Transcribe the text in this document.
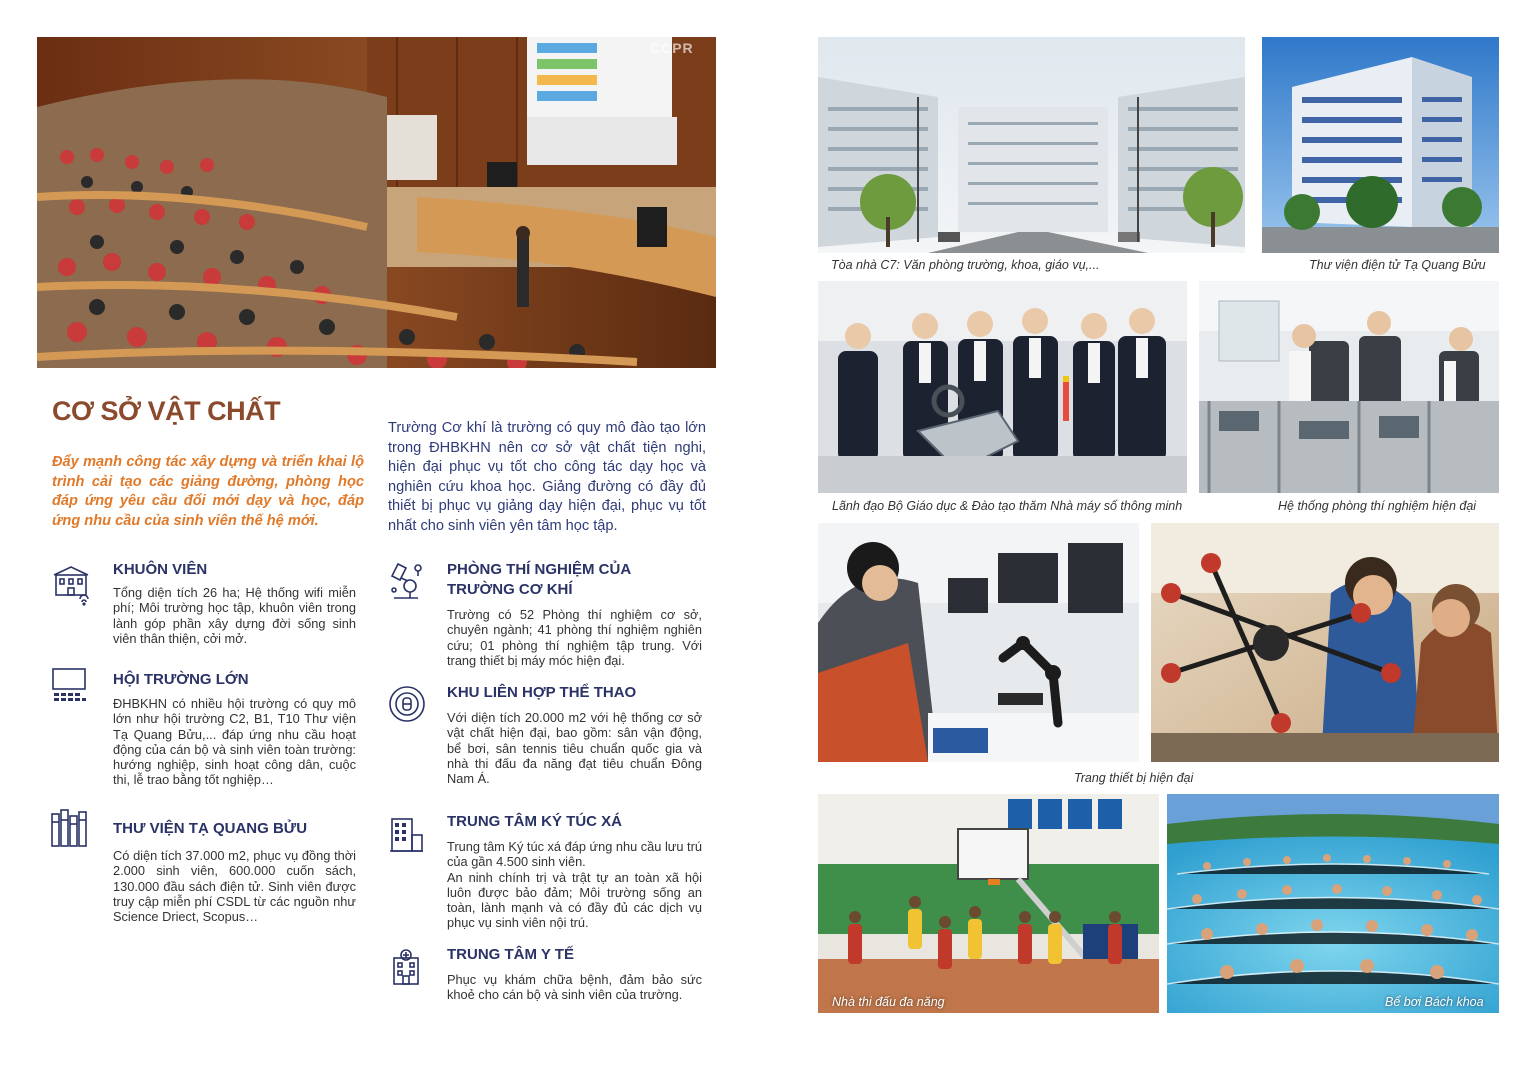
CCPR
CƠ SỞ VẬT CHẤT
Đẩy mạnh công tác xây dựng và triển khai lộ trình cải tạo các giảng đường, phòng học đáp ứng yêu cầu đổi mới dạy và học, đáp ứng nhu cầu của sinh viên thế hệ mới.
Trường Cơ khí là trường có quy mô đào tạo lớn trong ĐHBKHN nên cơ sở vật chất tiện nghi, hiện đại phục vụ tốt cho công tác dạy học và nghiên cứu khoa học. Giảng đường có đầy đủ thiết bị phục vụ giảng dạy hiện đại, phục vụ tốt nhất cho sinh viên yên tâm học tập.
KHUÔN VIÊN
Tổng diện tích 26 ha; Hệ thống wifi miễn phí; Môi trường học tập, khuôn viên trong lành góp phần xây dựng đời sống sinh viên thân thiện, cởi mở.
HỘI TRƯỜNG LỚN
ĐHBKHN có nhiều hội trường có quy mô lớn như hội trường C2, B1, T10 Thư viện Tạ Quang Bửu,... đáp ứng nhu cầu hoạt động của cán bộ và sinh viên toàn trường: hướng nghiệp, sinh hoạt công dân, cuộc thi, lễ trao bằng tốt nghiệp…
THƯ VIỆN TẠ QUANG BỬU
Có diện tích 37.000 m2, phục vụ đồng thời 2.000 sinh viên, 600.000 cuốn sách, 130.000 đầu sách điện tử. Sinh viên được truy cập miễn phí CSDL từ các nguồn như Science Driect, Scopus…
PHÒNG THÍ NGHIỆM CỦA TRƯỜNG CƠ KHÍ
Trường có 52 Phòng thí nghiệm cơ sở, chuyên ngành; 41 phòng thí nghiệm nghiên cứu; 01 phòng thí nghiệm tập trung. Với trang thiết bị máy móc hiện đại.
KHU LIÊN HỢP THỂ THAO
Với diện tích 20.000 m2 với hệ thống cơ sở vật chất hiện đại, bao gồm: sân vận động, bể bơi, sân tennis tiêu chuẩn quốc gia và nhà thi đấu đa năng đạt tiêu chuẩn Đông Nam Á.
TRUNG TÂM KÝ TÚC XÁ
Trung tâm Ký túc xá đáp ứng nhu cầu lưu trú của gần 4.500 sinh viên.
An ninh chính trị và trật tự an toàn xã hội luôn được bảo đảm; Môi trường sống an toàn, lành mạnh và có đầy đủ các dịch vụ phục vụ sinh viên nội trú.
TRUNG TÂM Y TẾ
Phục vụ khám chữa bệnh, đảm bảo sức khoẻ cho cán bộ và sinh viên của trường.
Tòa nhà C7: Văn phòng trường, khoa, giáo vụ,...	Thư viện điện tử Tạ Quang Bửu
Lãnh đạo Bộ Giáo dục & Đào tạo thăm Nhà máy số thông minh	Hệ thống phòng thí nghiệm hiện đại
Trang thiết bị hiện đại
Nhà thi đấu đa năng	Bể bơi Bách khoa
